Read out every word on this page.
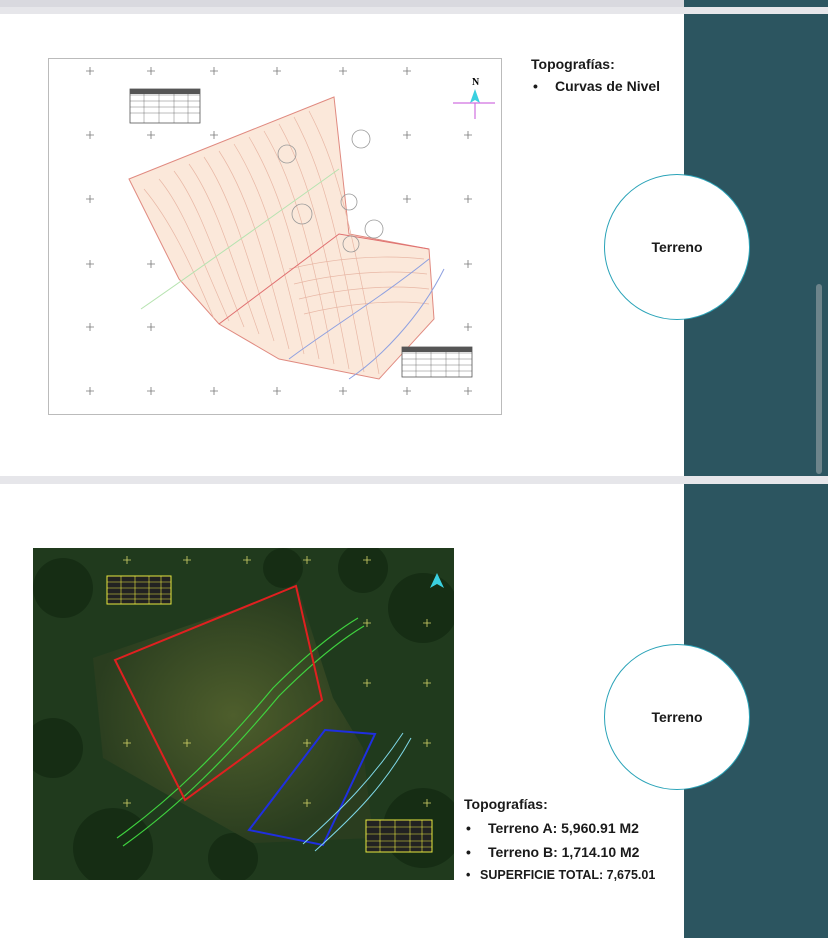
N
Topografías:
• Curvas de Nivel
Terreno
Terreno
Topografías:
• Terreno A: 5,960.91 M2
• Terreno B: 1,714.10 M2
• SUPERFICIE TOTAL: 7,675.01
